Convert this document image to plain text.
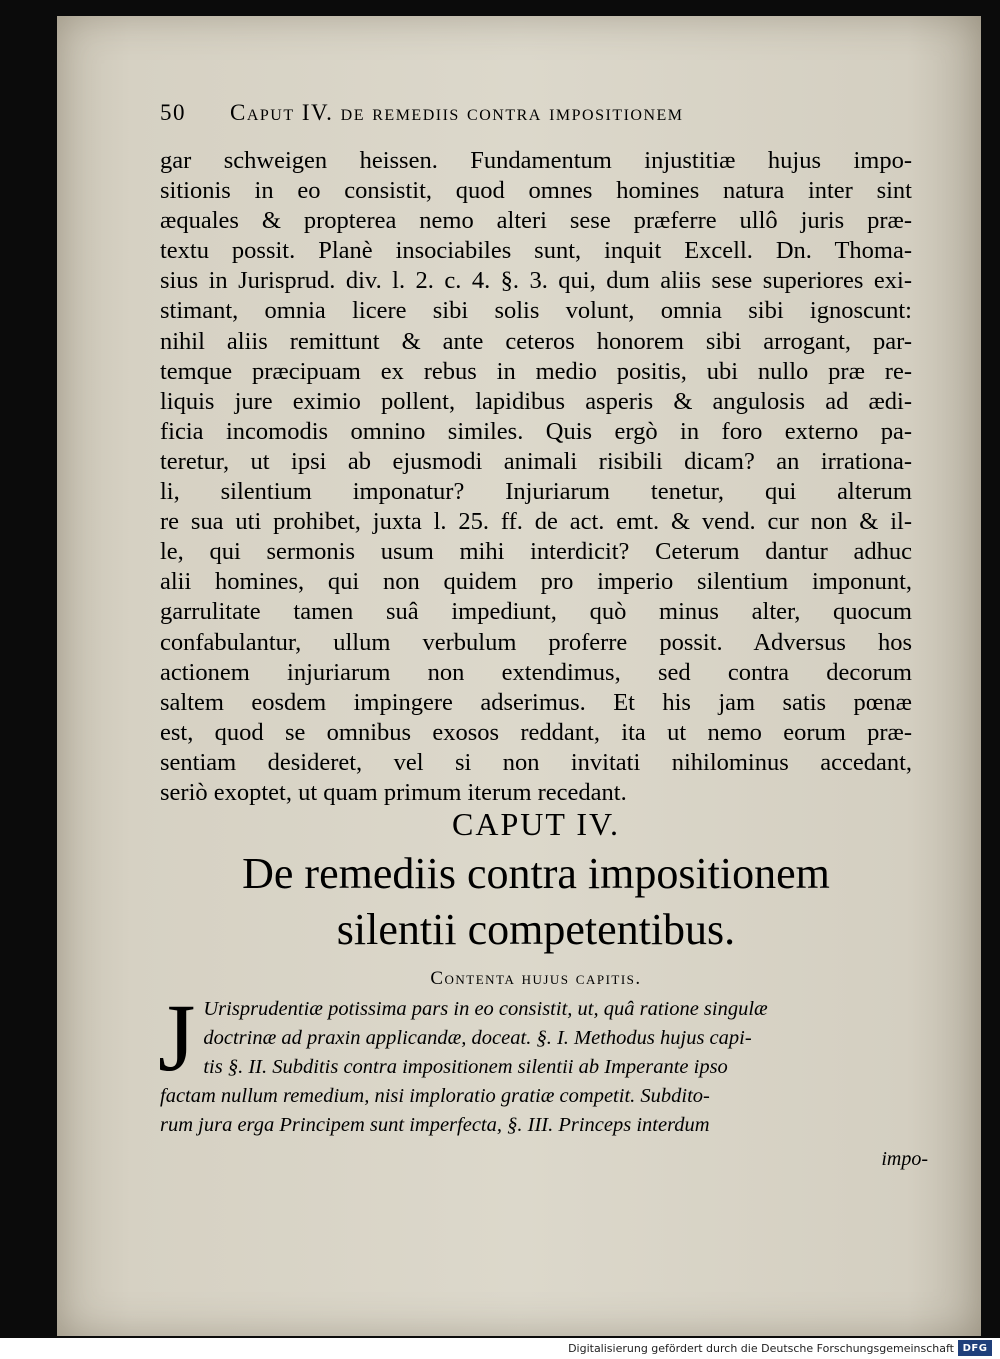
50	Caput IV. de remediis contra impositionem
gar schweigen heissen. Fundamentum injustitiæ hujus impo-
sitionis in eo consistit, quod omnes homines natura inter sint
æquales & propterea nemo alteri sese præferre ullô juris præ-
textu possit. Planè insociabiles sunt, inquit Excell. Dn. Thoma-
sius in Jurisprud. div. l. 2. c. 4. §. 3. qui, dum aliis sese superiores exi-
stimant, omnia licere sibi solis volunt, omnia sibi ignoscunt:
nihil aliis remittunt & ante ceteros honorem sibi arrogant, par-
temque præcipuam ex rebus in medio positis, ubi nullo præ re-
liquis jure eximio pollent, lapidibus asperis & angulosis ad ædi-
ficia incomodis omnino similes. Quis ergò in foro externo pa-
teretur, ut ipsi ab ejusmodi animali risibili dicam? an irrationa-
li, silentium imponatur? Injuriarum tenetur, qui alterum
re sua uti prohibet, juxta l. 25. ff. de act. emt. & vend. cur non & il-
le, qui sermonis usum mihi interdicit? Ceterum dantur adhuc
alii homines, qui non quidem pro imperio silentium imponunt,
garrulitate tamen suâ impediunt, quò minus alter, quocum
confabulantur, ullum verbulum proferre possit. Adversus hos
actionem injuriarum non extendimus, sed contra decorum
saltem eosdem impingere adserimus. Et his jam satis pœnæ
est, quod se omnibus exosos reddant, ita ut nemo eorum præ-
sentiam desideret, vel si non invitati nihilominus accedant,
seriò exoptet, ut quam primum iterum recedant.
CAPUT IV.
De remediis contra impositionem
silentii competentibus.
Contenta hujus capitis.
J Urisprudentiæ potissima pars in eo consistit, ut, quâ ratione singulæ
doctrinæ ad praxin applicandæ, doceat. §. I. Methodus hujus capi-
tis §. II. Subditis contra impositionem silentii ab Imperante ipso
factam nullum remedium, nisi imploratio gratiæ competit. Subdito-
rum jura erga Principem sunt imperfecta, §. III. Princeps interdum
impo-
Digitalisierung gefördert durch die Deutsche Forschungsgemeinschaft DFG
